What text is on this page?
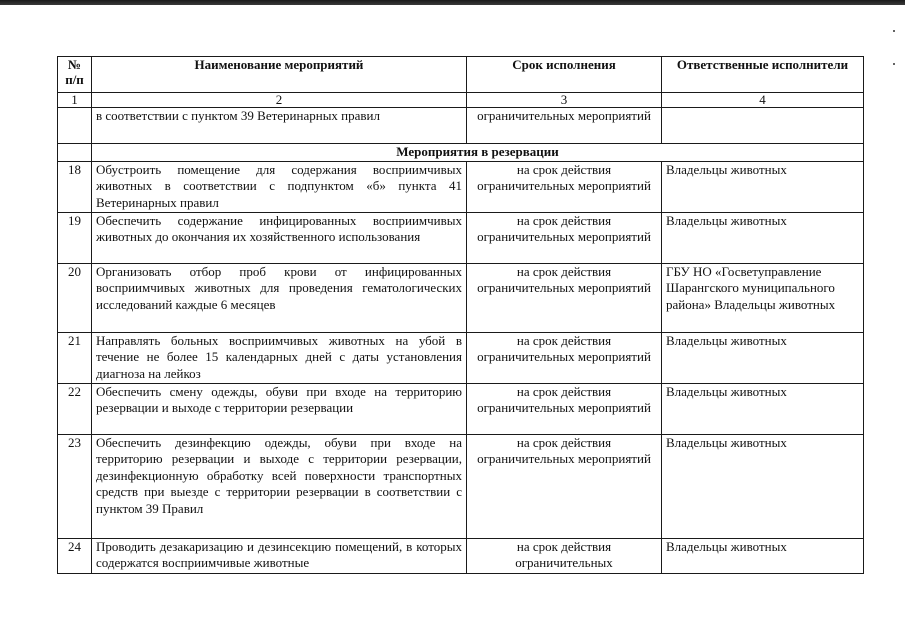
№ п/п	Наименование мероприятий	Срок исполнения	Ответственные исполнители
1	2	3	4
	в соответствии с пунктом 39 Ветеринарных правил	ограничительных мероприятий	
	Мероприятия в резервации		
18	Обустроить помещение для содержания восприимчивых животных в соответствии с подпунктом «б» пункта 41 Ветеринарных правил	на срок действия ограничительных мероприятий	Владельцы животных
19	Обеспечить содержание инфицированных восприимчивых животных до окончания их хозяйственного использования	на срок действия ограничительных мероприятий	Владельцы животных
20	Организовать отбор проб крови от инфицированных восприимчивых животных для проведения гематологических исследований каждые 6 месяцев	на срок действия ограничительных мероприятий	ГБУ НО «Госветуправление Шарангского муниципального района» Владельцы животных
21	Направлять больных восприимчивых животных на убой в течение не более 15 календарных дней с даты установления диагноза на лейкоз	на срок действия ограничительных мероприятий	Владельцы животных
22	Обеспечить смену одежды, обуви при входе на территорию резервации и выходе с территории резервации	на срок действия ограничительных мероприятий	Владельцы животных
23	Обеспечить дезинфекцию одежды, обуви при входе на территорию резервации и выходе с территории резервации, дезинфекционную обработку всей поверхности транспортных средств при выезде с территории резервации в соответствии с пунктом 39 Правил	на срок действия ограничительных мероприятий	Владельцы животных
24	Проводить дезакаризацию и дезинсекцию помещений, в которых содержатся восприимчивые животные	на срок действия ограничительных	Владельцы животных
